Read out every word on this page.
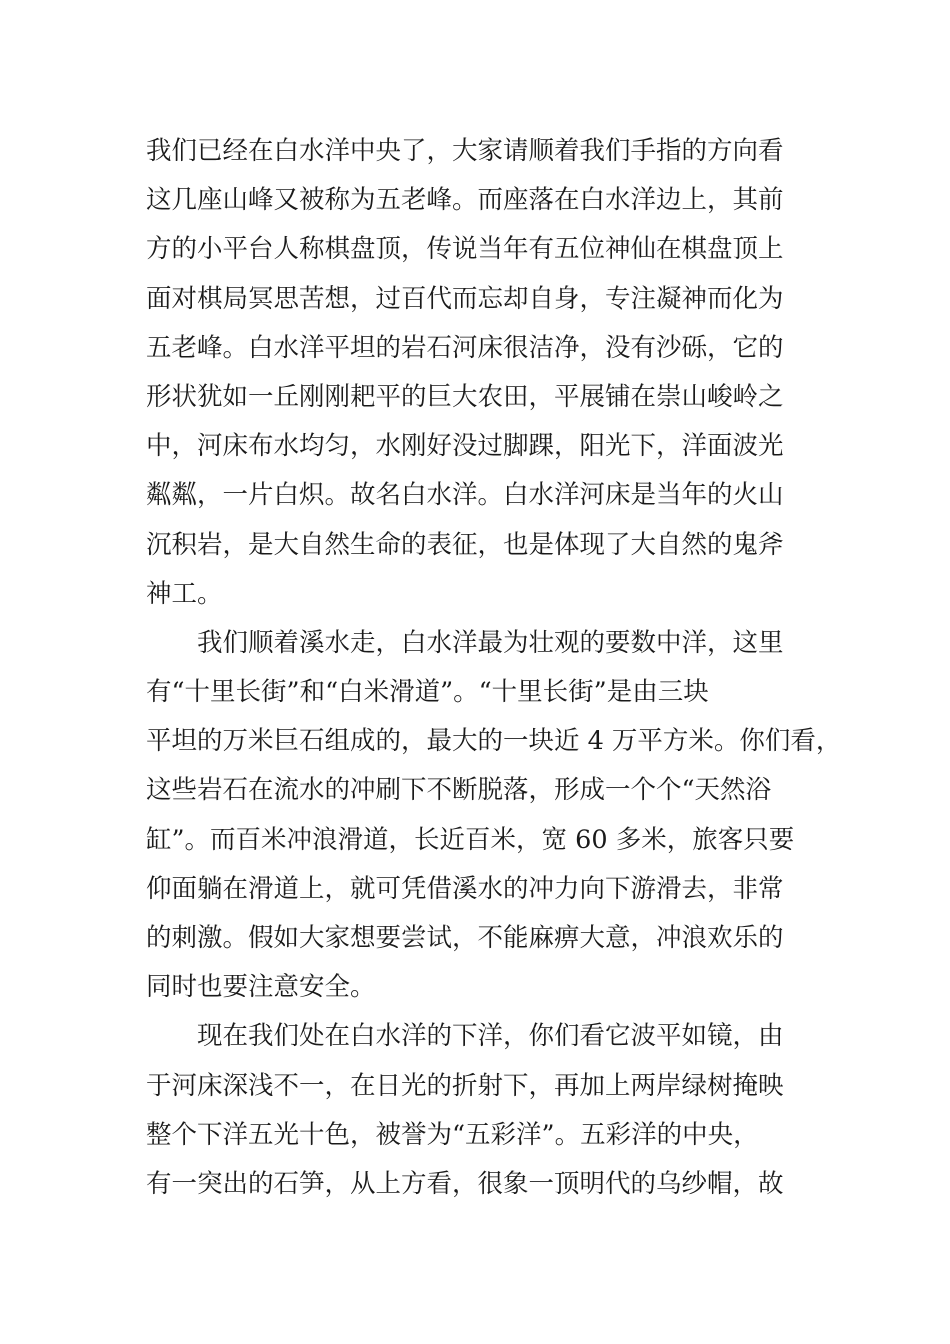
我们已经在白水洋中央了，大家请顺着我们手指的方向看
这几座山峰又被称为五老峰。而座落在白水洋边上，其前
方的小平台人称棋盘顶，传说当年有五位神仙在棋盘顶上
面对棋局冥思苦想，过百代而忘却自身，专注凝神而化为
五老峰。白水洋平坦的岩石河床很洁净，没有沙砾，它的
形状犹如一丘刚刚耙平的巨大农田，平展铺在崇山峻岭之
中，河床布水均匀，水刚好没过脚踝，阳光下，洋面波光
粼粼，一片白炽。故名白水洋。白水洋河床是当年的火山
沉积岩，是大自然生命的表征，也是体现了大自然的鬼斧
神工。
我们顺着溪水走，白水洋最为壮观的要数中洋，这里
有“十里长街”和“白米滑道”。“十里长街”是由三块
平坦的万米巨石组成的，最大的一块近 4 万平方米。你们看，
这些岩石在流水的冲刷下不断脱落，形成一个个“天然浴
缸”。而百米冲浪滑道，长近百米，宽 60 多米，旅客只要
仰面躺在滑道上，就可凭借溪水的冲力向下游滑去，非常
的刺激。假如大家想要尝试，不能麻痹大意，冲浪欢乐的
同时也要注意安全。
现在我们处在白水洋的下洋，你们看它波平如镜，由
于河床深浅不一，在日光的折射下，再加上两岸绿树掩映
整个下洋五光十色，被誉为“五彩洋”。五彩洋的中央，
有一突出的石笋，从上方看，很象一顶明代的乌纱帽，故
